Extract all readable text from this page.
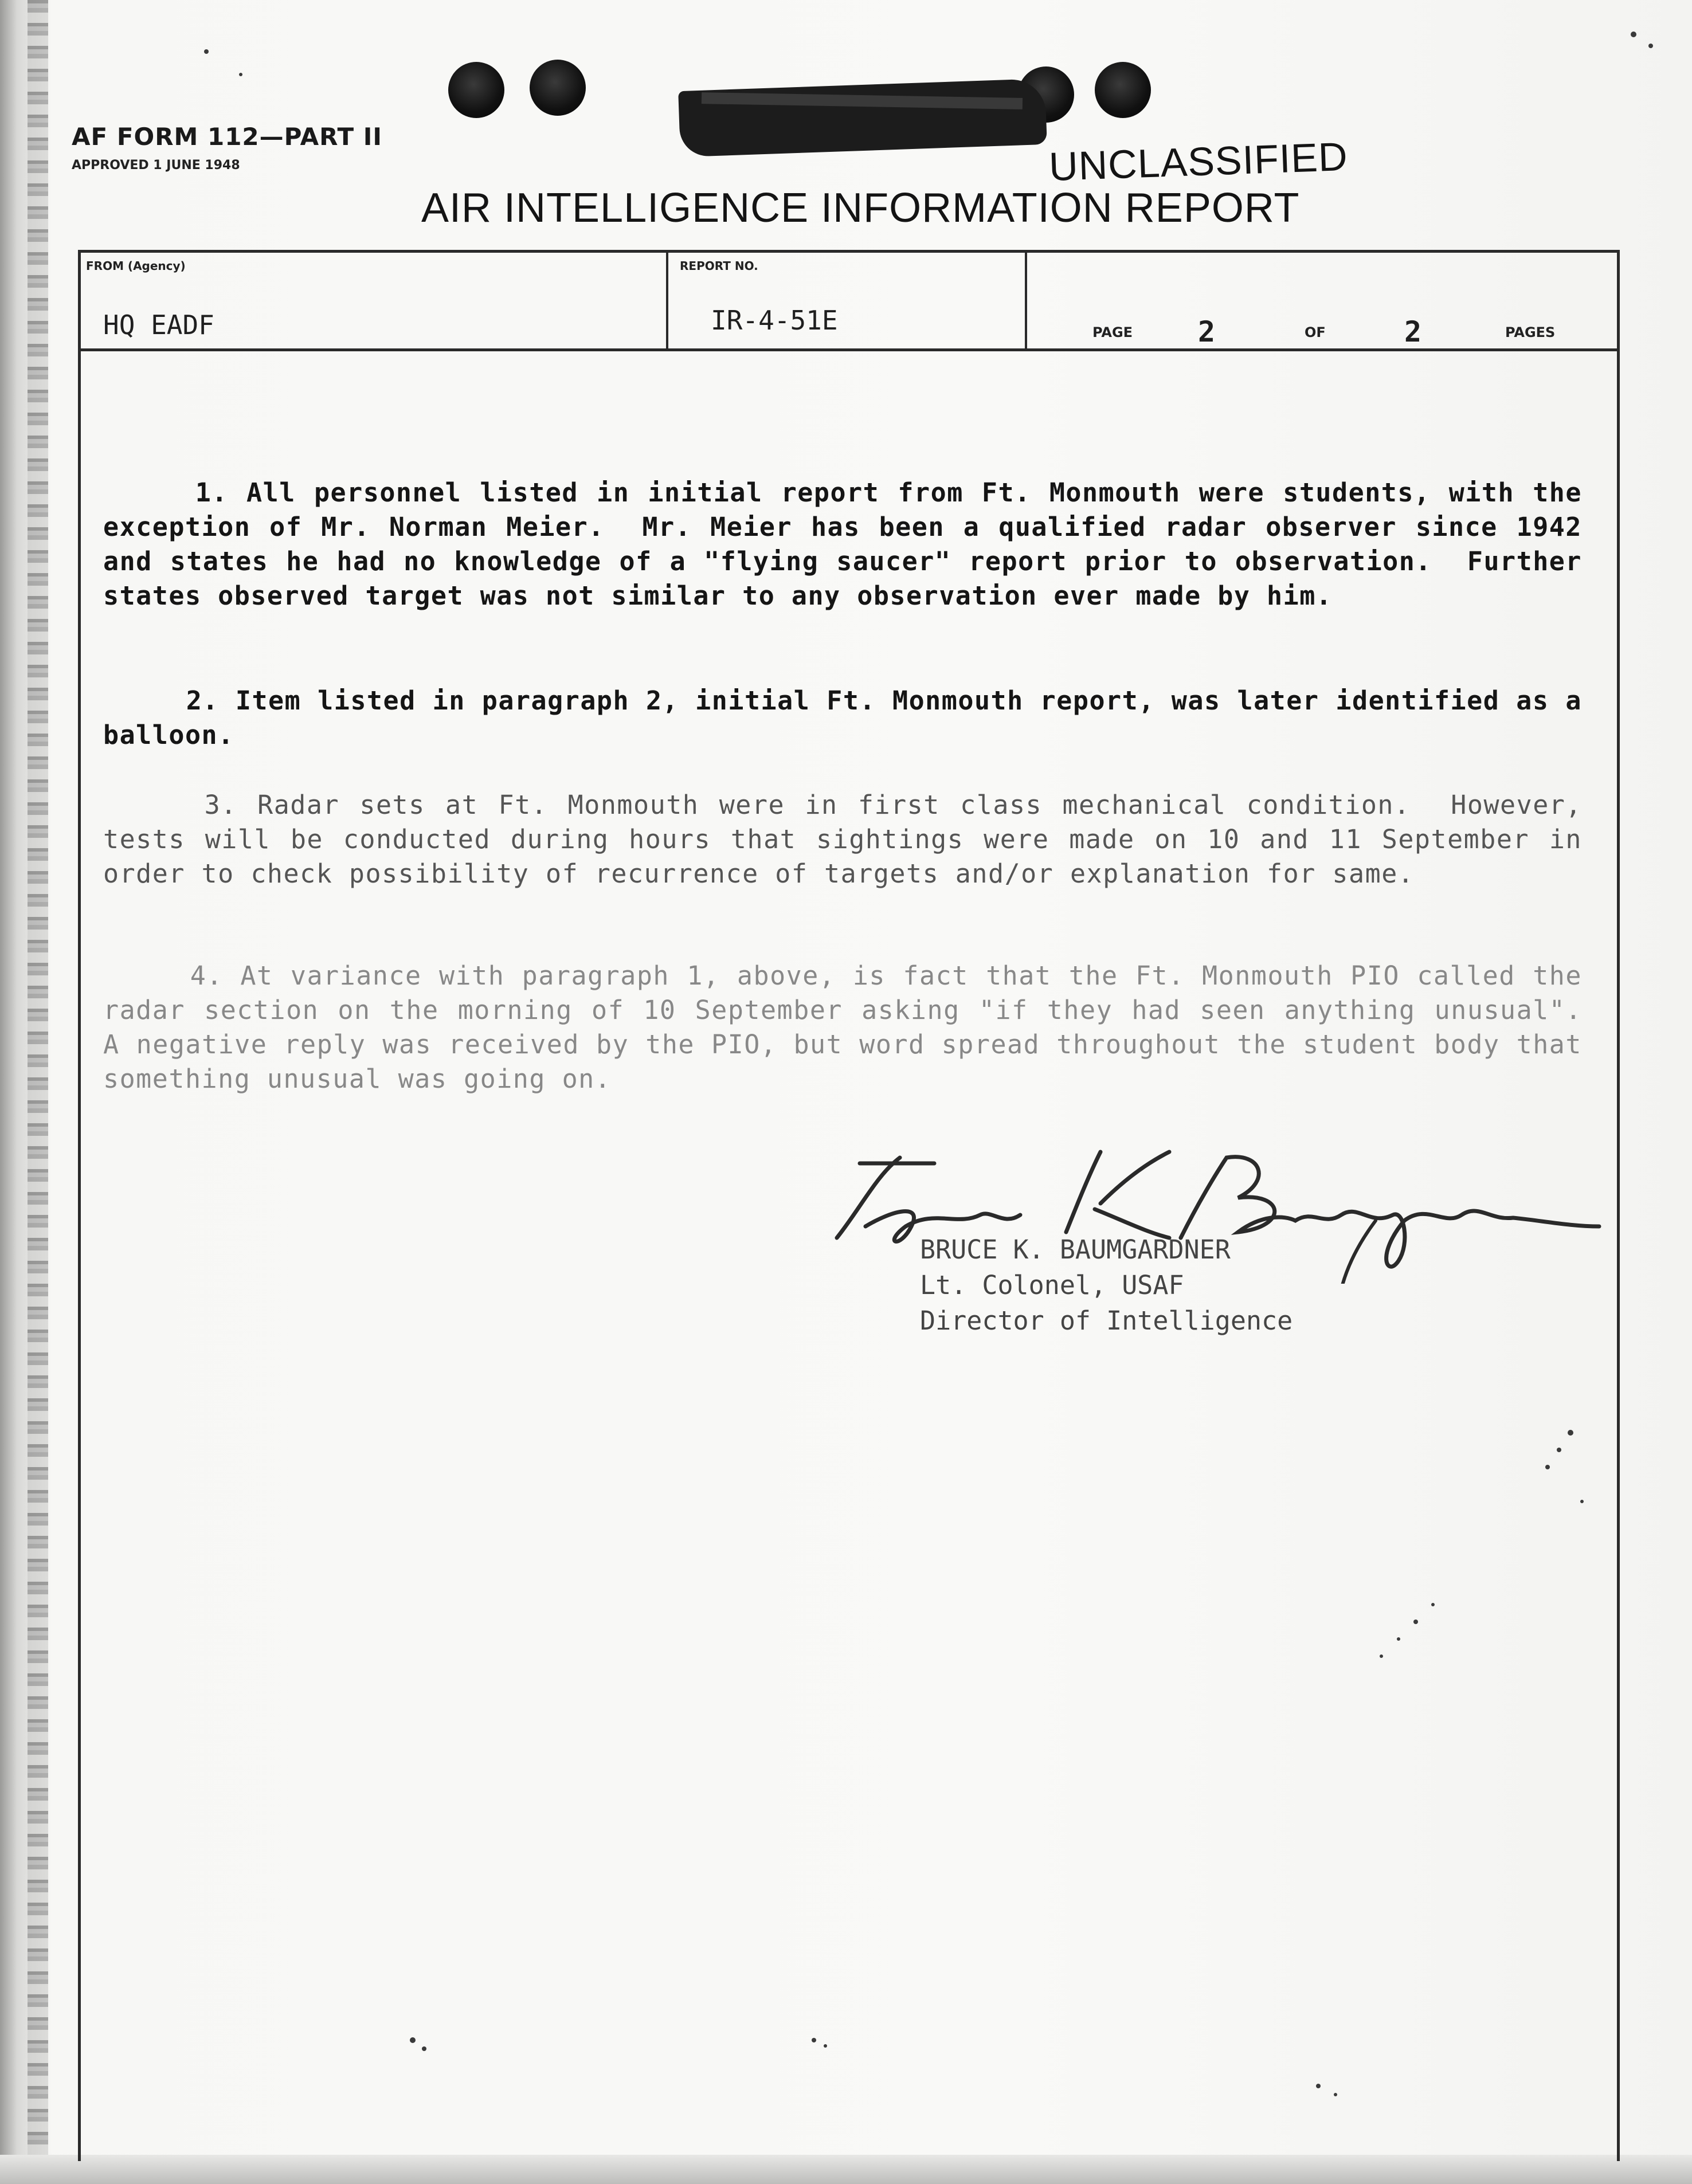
AF FORM 112—PART II
APPROVED 1 JUNE 1948	UNCLASSIFIED
AIR INTELLIGENCE INFORMATION REPORT
FROM (Agency)
HQ EADF
REPORT NO.
IR-4-51E	PAGE 2	OF	2	PAGES

1. All personnel listed in initial report from Ft. Monmouth were students, with the exception of Mr. Norman Meier.  Mr. Meier has been a qualified radar observer since 1942 and states he had no knowledge of a "flying saucer" report prior to observation.  Further states observed target was not similar to any observation ever made by him.

2. Item listed in paragraph 2, initial Ft. Monmouth report, was later identified as a balloon.

3. Radar sets at Ft. Monmouth were in first class mechanical condition.  However, tests will be conducted during hours that sightings were made on 10 and 11 September in order to check possibility of recurrence of targets and/or explanation for same.

4. At variance with paragraph 1, above, is fact that the Ft. Monmouth PIO called the radar section on the morning of 10 September asking "if they had seen anything unusual".  A negative reply was received by the PIO, but word spread throughout the student body that something unusual was going on.

BRUCE K. BAUMGARDNER
Lt. Colonel, USAF
Director of Intelligence
